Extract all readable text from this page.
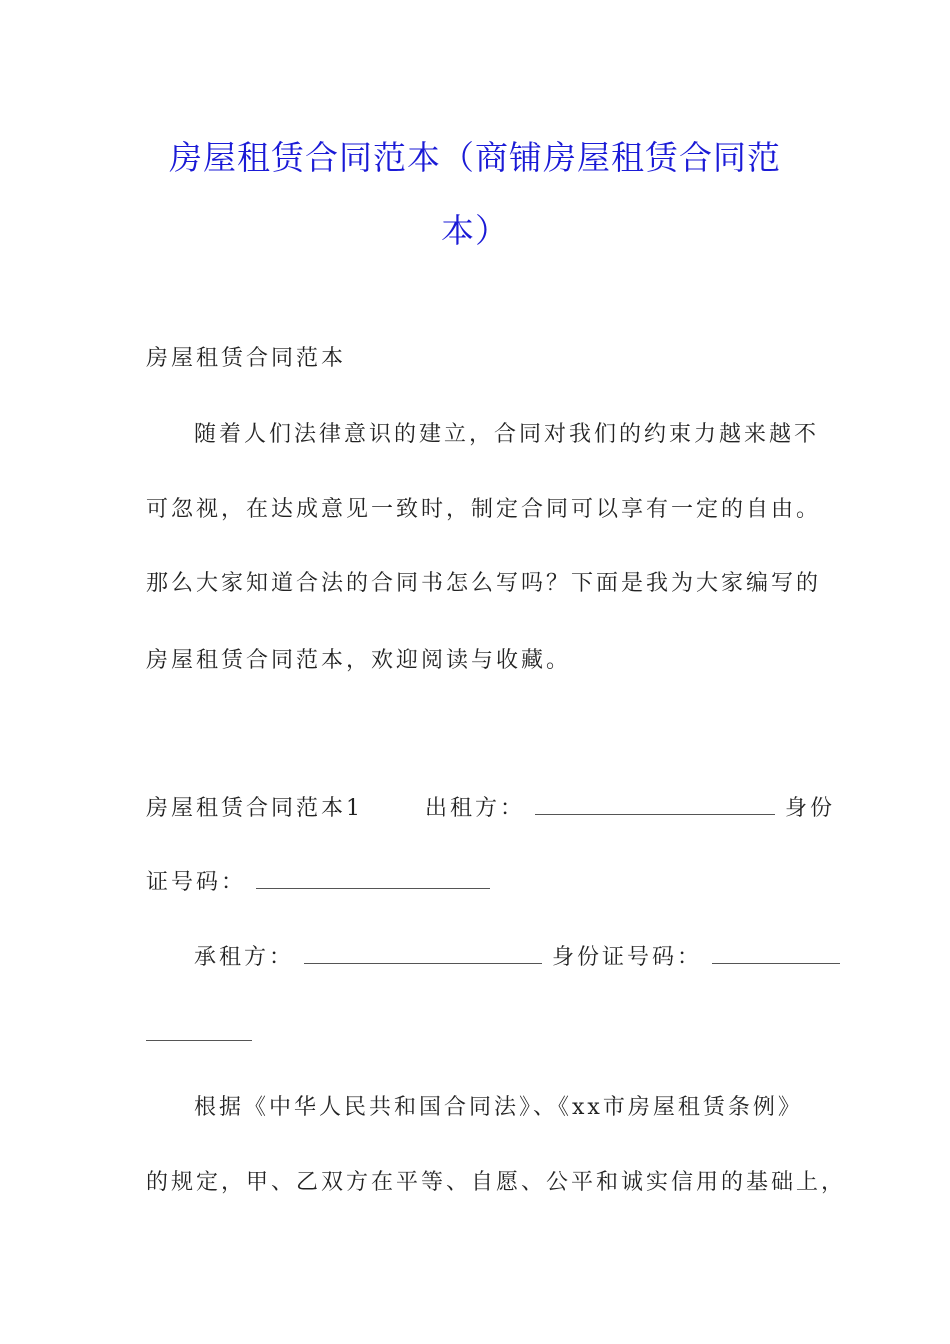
房屋租赁合同范本（商铺房屋租赁合同范
本）
房屋租赁合同范本
随着人们法律意识的建立，合同对我们的约束力越来越不
可忽视，在达成意见一致时，制定合同可以享有一定的自由。
那么大家知道合法的合同书怎么写吗？下面是我为大家编写的
房屋租赁合同范本，欢迎阅读与收藏。
房屋租赁合同范本1	出租方：	身份
证号码：
承租方：	身份证号码：
根据《中华人民共和国合同法》、《xx市房屋租赁条例》
的规定，甲、乙双方在平等、自愿、公平和诚实信用的基础上，
